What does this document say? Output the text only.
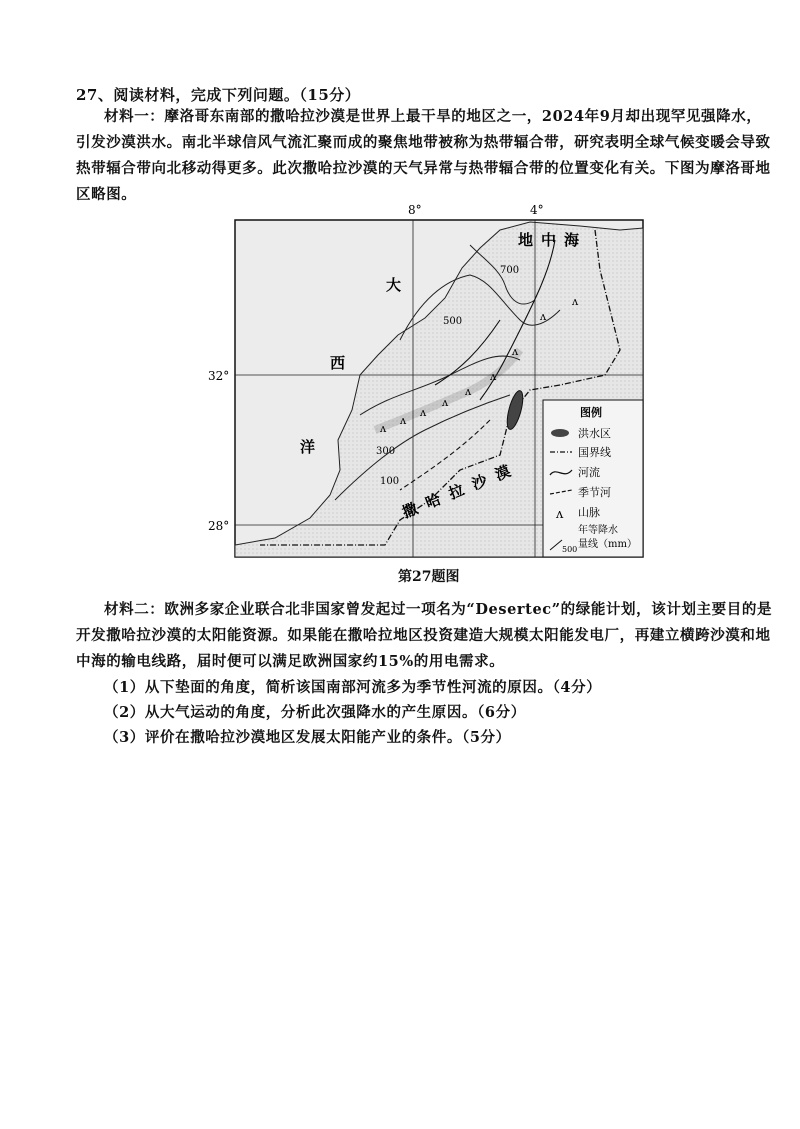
27、阅读材料，完成下列问题。（15分）
材料一：摩洛哥东南部的撒哈拉沙漠是世界上最干旱的地区之一，2024年9月却出现罕见强降水，引发沙漠洪水。南北半球信风气流汇聚而成的聚焦地带被称为热带辐合带，研究表明全球气候变暖会导致热带辐合带向北移动得更多。此次撒哈拉沙漠的天气异常与热带辐合带的位置变化有关。下图为摩洛哥地区略图。
地中海
大
西
洋
700
500
300
100
ʌ
ʌ
ʌ
ʌ
ʌ
ʌ
ʌ
ʌ
ʌ
撒哈拉沙漠
8°	4°
32°
28°
图例
洪水区
国界线
河流
季节河
ʌ 山脉
年等降水
量线（mm）
500
第27题图
材料二：欧洲多家企业联合北非国家曾发起过一项名为“Desertec”的绿能计划，该计划主要目的是开发撒哈拉沙漠的太阳能资源。如果能在撒哈拉地区投资建造大规模太阳能发电厂，再建立横跨沙漠和地中海的输电线路，届时便可以满足欧洲国家约15%的用电需求。
（1）从下垫面的角度，简析该国南部河流多为季节性河流的原因。（4分）
（2）从大气运动的角度，分析此次强降水的产生原因。（6分）
（3）评价在撒哈拉沙漠地区发展太阳能产业的条件。（5分）
